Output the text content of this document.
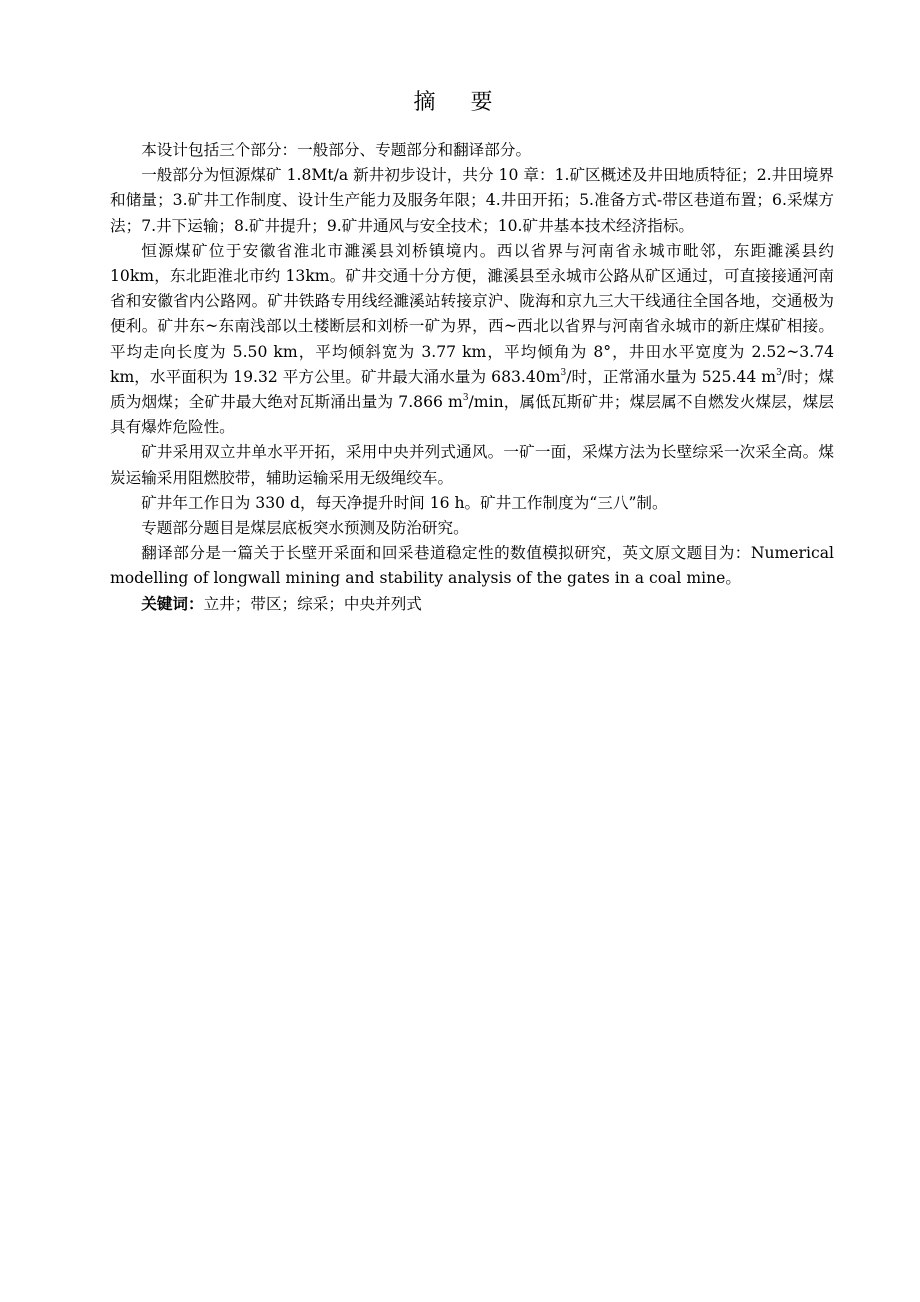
摘 要

本设计包括三个部分：一般部分、专题部分和翻译部分。

一般部分为恒源煤矿 1.8Mt/a 新井初步设计，共分 10 章：1.矿区概述及井田地质特征；2.井田境界和储量；3.矿井工作制度、设计生产能力及服务年限；4.井田开拓；5.准备方式-带区巷道布置；6.采煤方法；7.井下运输；8.矿井提升；9.矿井通风与安全技术；10.矿井基本技术经济指标。

恒源煤矿位于安徽省淮北市濉溪县刘桥镇境内。西以省界与河南省永城市毗邻，东距濉溪县约 10km，东北距淮北市约 13km。矿井交通十分方便，濉溪县至永城市公路从矿区通过，可直接接通河南省和安徽省内公路网。矿井铁路专用线经濉溪站转接京沪、陇海和京九三大干线通往全国各地，交通极为便利。矿井东~东南浅部以土楼断层和刘桥一矿为界，西~西北以省界与河南省永城市的新庄煤矿相接。平均走向长度为 5.50 km，平均倾斜宽为 3.77 km，平均倾角为 8°，井田水平宽度为 2.52~3.74 km，水平面积为 19.32 平方公里。矿井最大涌水量为 $683.40m^3/$时，正常涌水量为 525.44 $m^3/$时；煤质为烟煤；全矿井最大绝对瓦斯涌出量为 7.866 $m^3/\min$，属低瓦斯矿井；煤层属不自燃发火煤层，煤层具有爆炸危险性。

矿井采用双立井单水平开拓，采用中央并列式通风。一矿一面，采煤方法为长壁综采一次采全高。煤炭运输采用阻燃胶带，辅助运输采用无级绳绞车。

矿井年工作日为 330 d，每天净提升时间 16 h。矿井工作制度为“三八”制。

专题部分题目是煤层底板突水预测及防治研究。

翻译部分是一篇关于长壁开采面和回采巷道稳定性的数值模拟研究，英文原文题目为：Numerical modelling of longwall mining and stability analysis of the gates in a coal mine。

关键词：立井；带区；综采；中央并列式
